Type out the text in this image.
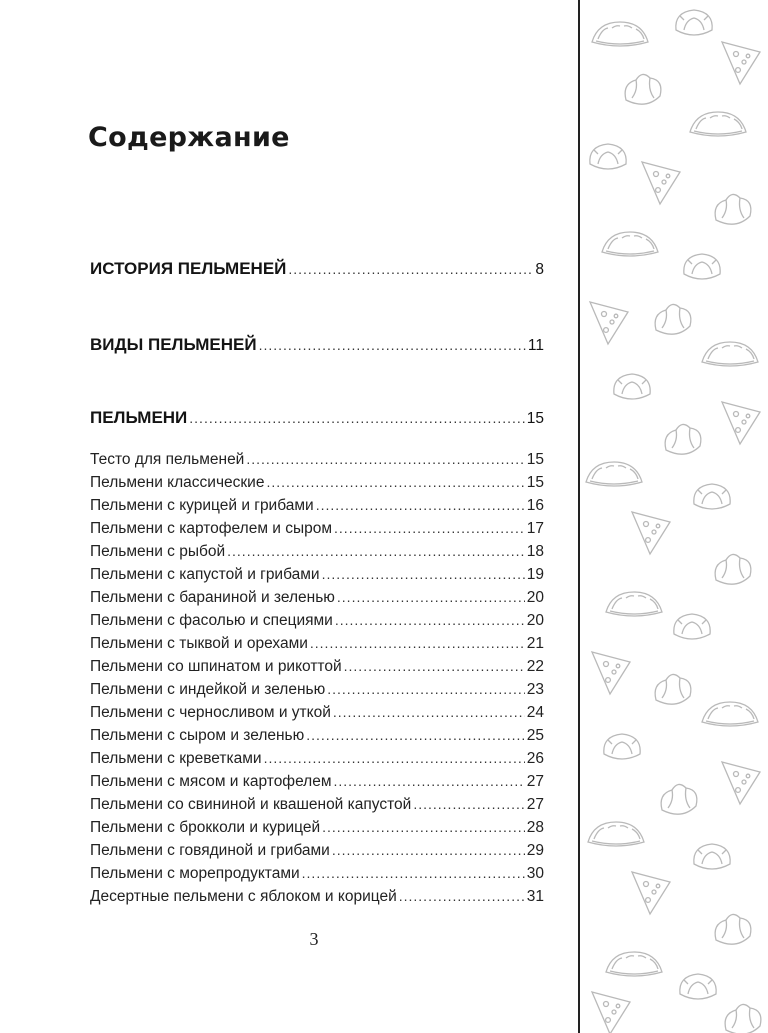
Содержание
ИСТОРИЯ ПЕЛЬМЕНЕЙ .....	8
ВИДЫ ПЕЛЬМЕНЕЙ .....	11
ПЕЛЬМЕНИ .....	15
Тесто для пельменей .....	15
Пельмени классические .....	15
Пельмени с курицей и грибами .....	16
Пельмени с картофелем и сыром .....	17
Пельмени с рыбой .....	18
Пельмени с капустой и грибами .....	19
Пельмени с бараниной и зеленью .....	20
Пельмени с фасолью и специями .....	20
Пельмени с тыквой и орехами .....	21
Пельмени со шпинатом и рикоттой .....	22
Пельмени с индейкой и зеленью .....	23
Пельмени с черносливом и уткой .....	24
Пельмени с сыром и зеленью .....	25
Пельмени с креветками .....	26
Пельмени с мясом и картофелем .....	27
Пельмени со свининой и квашеной капустой .....	27
Пельмени с брокколи и курицей .....	28
Пельмени с говядиной и грибами .....	29
Пельмени с морепродуктами .....	30
Десертные пельмени с яблоком и корицей .....	31
3
